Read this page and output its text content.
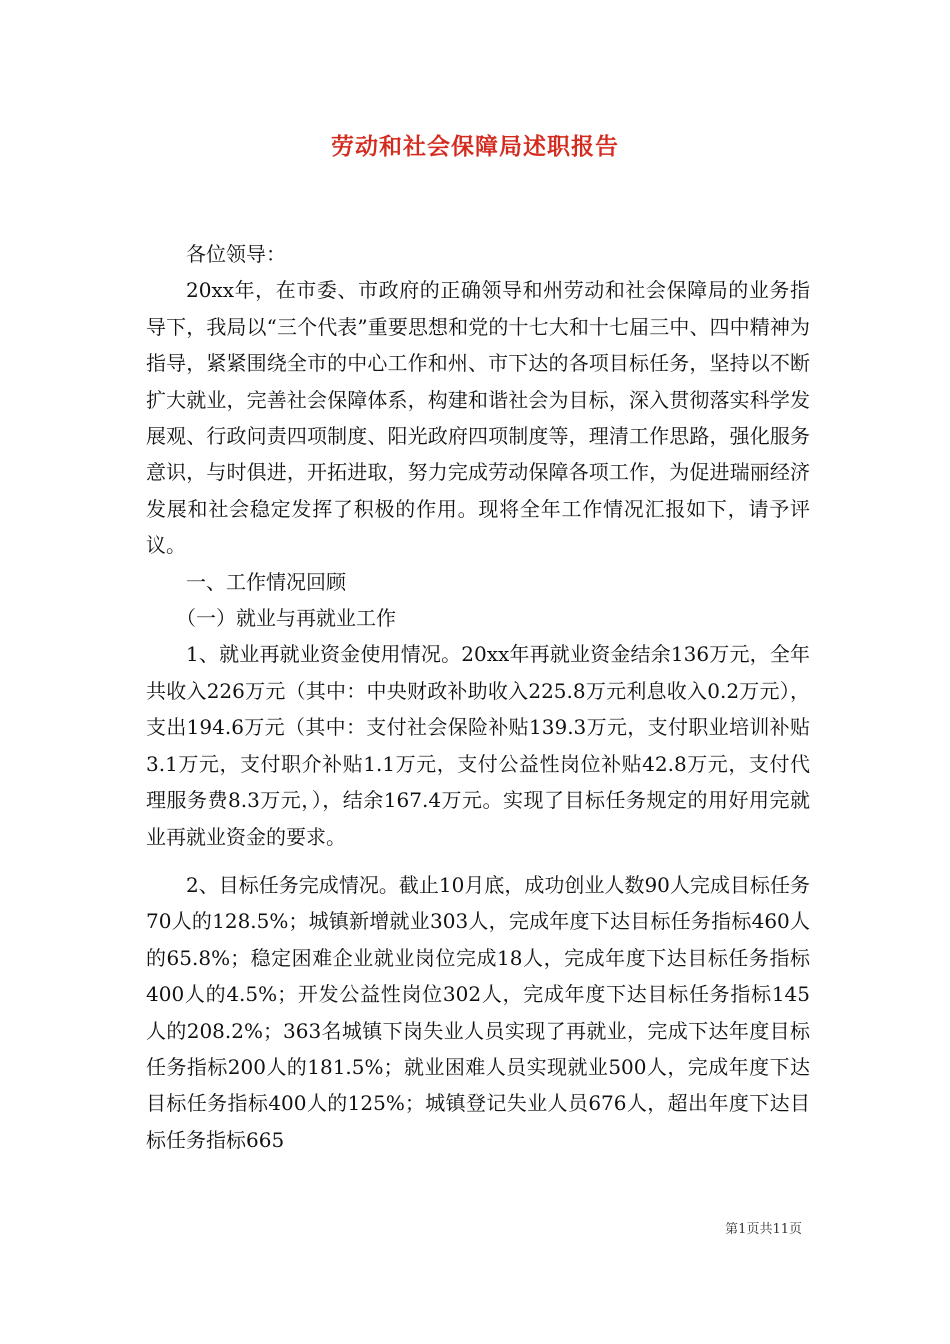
劳动和社会保障局述职报告

各位领导：

20xx年，在市委、市政府的正确领导和州劳动和社会保障局的业务指导下，我局以“三个代表”重要思想和党的十七大和十七届三中、四中精神为指导，紧紧围绕全市的中心工作和州、市下达的各项目标任务，坚持以不断扩大就业，完善社会保障体系，构建和谐社会为目标，深入贯彻落实科学发展观、行政问责四项制度、阳光政府四项制度等，理清工作思路，强化服务意识，与时俱进，开拓进取，努力完成劳动保障各项工作，为促进瑞丽经济发展和社会稳定发挥了积极的作用。现将全年工作情况汇报如下，请予评议。

一、工作情况回顾

（一）就业与再就业工作

1、就业再就业资金使用情况。20xx年再就业资金结余136万元，全年共收入226万元（其中：中央财政补助收入225.8万元利息收入0.2万元），支出194.6万元（其中：支付社会保险补贴139.3万元，支付职业培训补贴3.1万元，支付职介补贴1.1万元，支付公益性岗位补贴42.8万元，支付代理服务费8.3万元，），结余167.4万元。实现了目标任务规定的用好用完就业再就业资金的要求。

2、目标任务完成情况。截止10月底，成功创业人数90人完成目标任务70人的128.5%；城镇新增就业303人，完成年度下达目标任务指标460人的65.8%；稳定困难企业就业岗位完成18人，完成年度下达目标任务指标400人的4.5%；开发公益性岗位302人，完成年度下达目标任务指标145人的208.2%；363名城镇下岗失业人员实现了再就业，完成下达年度目标任务指标200人的181.5%；就业困难人员实现就业500人，完成年度下达目标任务指标400人的125%；城镇登记失业人员676人，超出年度下达目标任务指标665

第1页共11页
